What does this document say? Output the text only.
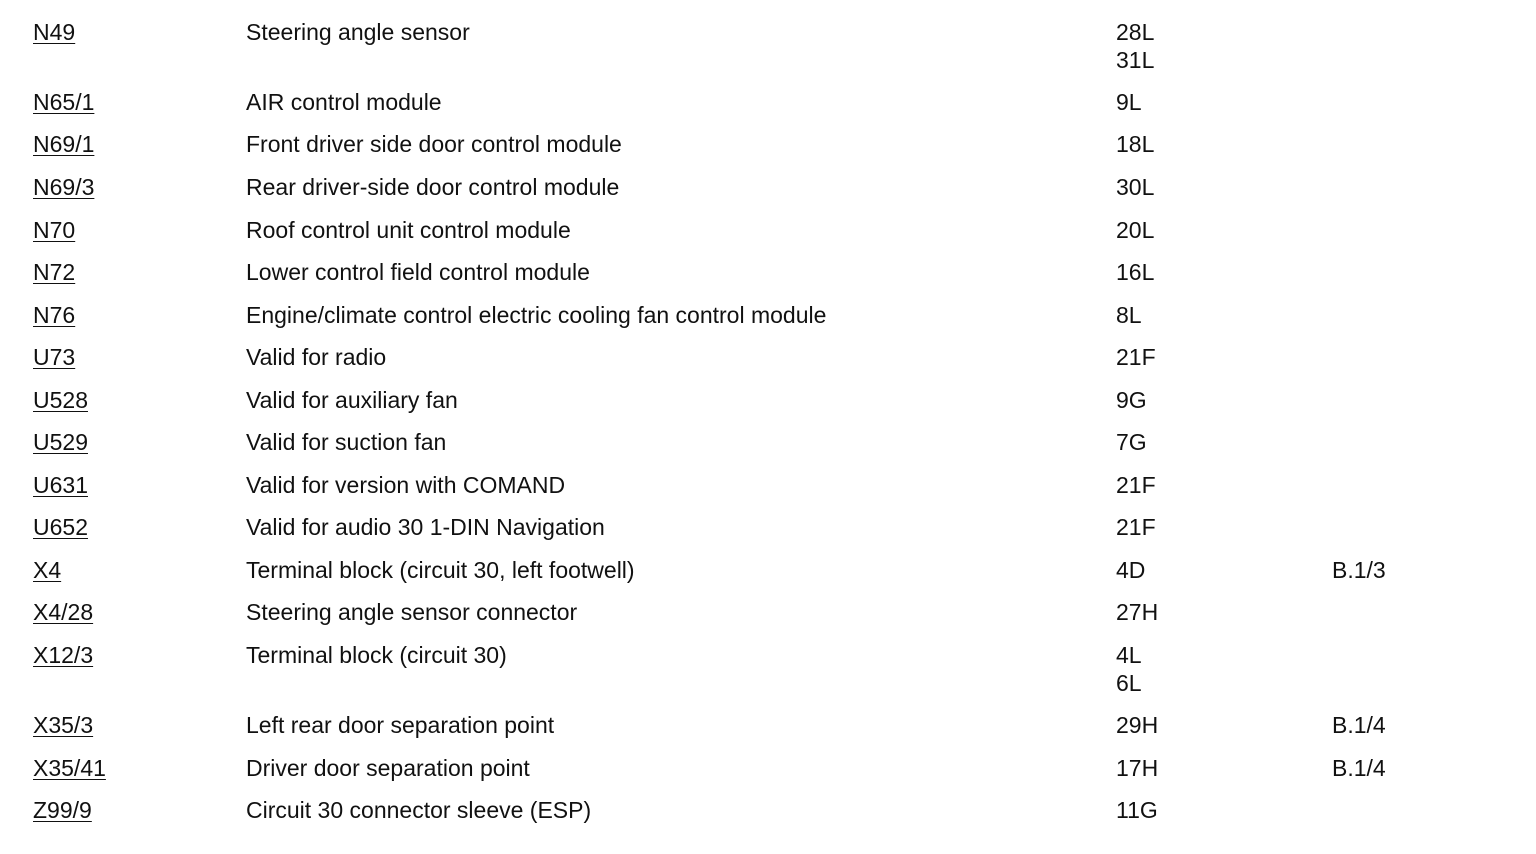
N49	Steering angle sensor	28L
31L
N65/1	AIR control module	9L
N69/1	Front driver side door control module	18L
N69/3	Rear driver-side door control module	30L
N70	Roof control unit control module	20L
N72	Lower control field control module	16L
N76	Engine/climate control electric cooling fan control module	8L
U73	Valid for radio	21F
U528	Valid for auxiliary fan	9G
U529	Valid for suction fan	7G
U631	Valid for version with COMAND	21F
U652	Valid for audio 30 1-DIN Navigation	21F
X4	Terminal block (circuit 30, left footwell)	4D	B.1/3
X4/28	Steering angle sensor connector	27H
X12/3	Terminal block (circuit 30)	4L
6L
X35/3	Left rear door separation point	29H	B.1/4
X35/41	Driver door separation point	17H	B.1/4
Z99/9	Circuit 30 connector sleeve (ESP)	11G
